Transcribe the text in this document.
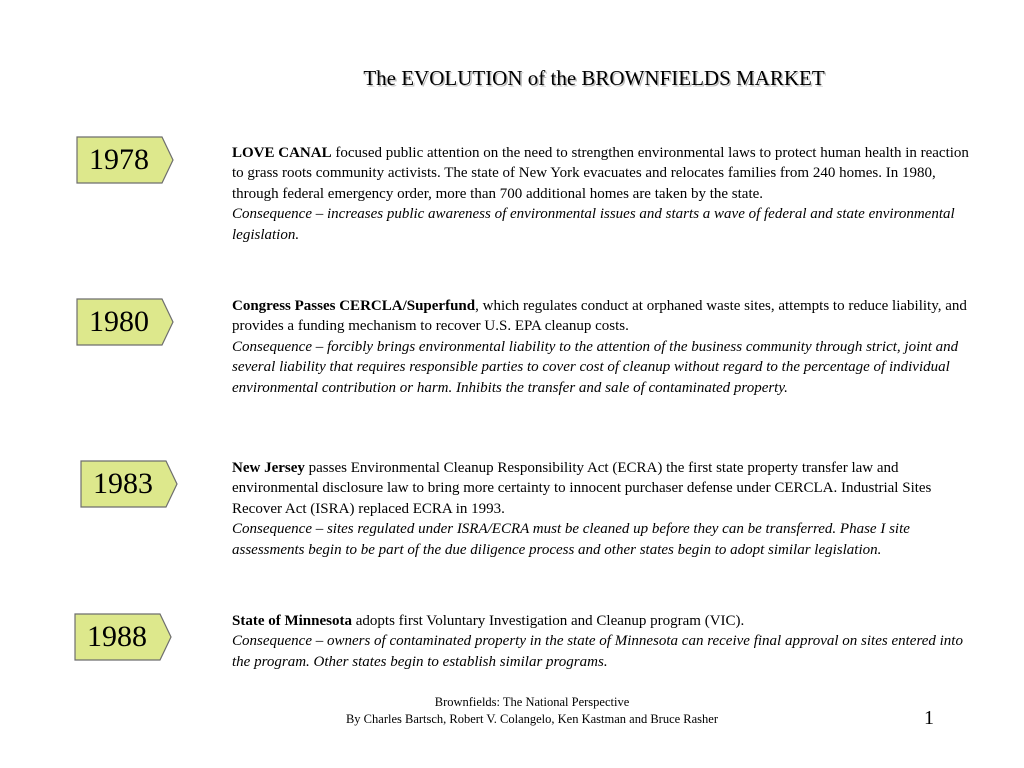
The EVOLUTION of the BROWNFIELDS MARKET
1978	LOVE CANAL focused public attention on the need to strengthen environmental laws to protect human health in reaction to grass roots community activists. The state of New York evacuates and relocates families from 240 homes. In 1980, through federal emergency order, more than 700 additional homes are taken by the state.
Consequence – increases public awareness of environmental issues and starts a wave of federal and state environmental legislation.
1980	Congress Passes CERCLA/Superfund, which regulates conduct at orphaned waste sites, attempts to reduce liability, and provides a funding mechanism to recover U.S. EPA cleanup costs.
Consequence – forcibly brings environmental liability to the attention of the business community through strict, joint and several liability that requires responsible parties to cover cost of cleanup without regard to the percentage of individual environmental contribution or harm. Inhibits the transfer and sale of contaminated property.
1983	New Jersey passes Environmental Cleanup Responsibility Act (ECRA) the first state property transfer law and environmental disclosure law to bring more certainty to innocent purchaser defense under CERCLA. Industrial Sites Recover Act (ISRA) replaced ECRA in 1993.
Consequence – sites regulated under ISRA/ECRA must be cleaned up before they can be transferred. Phase I site assessments begin to be part of the due diligence process and other states begin to adopt similar legislation.
1988	State of Minnesota adopts first Voluntary Investigation and Cleanup program (VIC).
Consequence – owners of contaminated property in the state of Minnesota can receive final approval on sites entered into the program. Other states begin to establish similar programs.
Brownfields: The National Perspective
By Charles Bartsch, Robert V. Colangelo, Ken Kastman and Bruce Rasher	1
